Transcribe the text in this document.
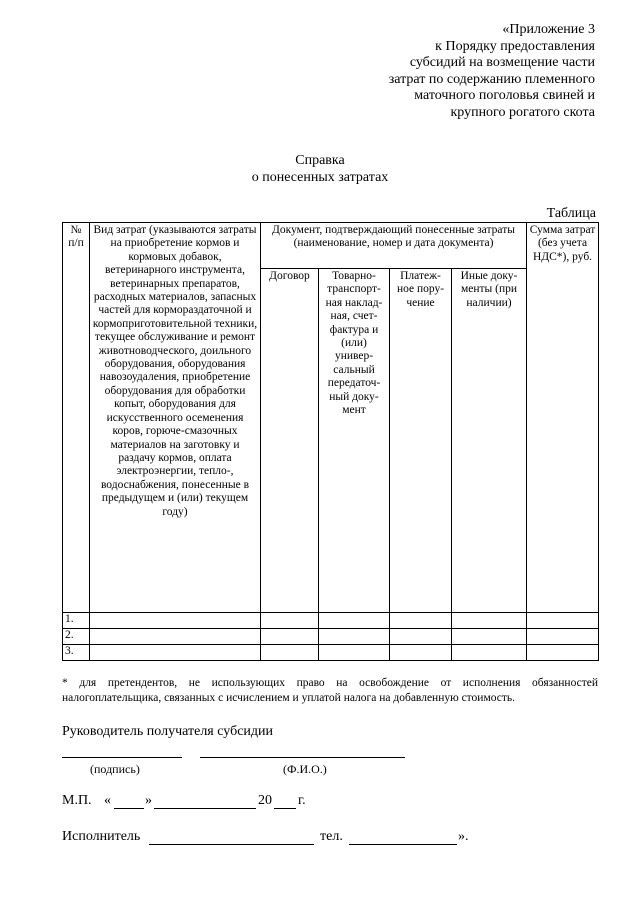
«Приложение 3
к Порядку предоставления
субсидий на возмещение части
затрат по содержанию племенного
маточного поголовья свиней и
крупного рогатого скота
Справка
о понесенных затратах
Таблица
№ п/п	Вид затрат (указываются затраты на приобретение кормов и кормовых добавок, ветеринарного инструмента, ветеринарных препаратов, расходных материалов, запасных частей для кормораздаточной и кормоприготовительной техники, текущее обслуживание и ремонт животноводческого, доильного оборудования, оборудования навозоудаления, приобретение оборудования для обработки копыт, оборудования для искусственного осеменения коров, горюче-смазочных материалов на заготовку и раздачу кормов, оплата электроэнергии, тепло-, водоснабжения, понесенные в предыдущем и (или) текущем году)	Документ, подтверждающий понесенные затраты (наименование, номер и дата документа)				Сумма затрат (без учета НДС*), руб.
		Договор	Товарно-транспорт-ная наклад-ная, счет-фактура и (или) универ-сальный передаточ-ный доку-мент	Платеж-ное пору-чение	Иные доку-менты (при наличии)	
1.						
2.						
3.						
* для претендентов, не использующих право на освобождение от исполнения обязанностей налогоплательщика, связанных с исчислением и уплатой налога на добавленную стоимость.
Руководитель получателя субсидии
(подпись)	(Ф.И.О.)
М.П. « »	20 г.
Исполнитель	тел.	».
